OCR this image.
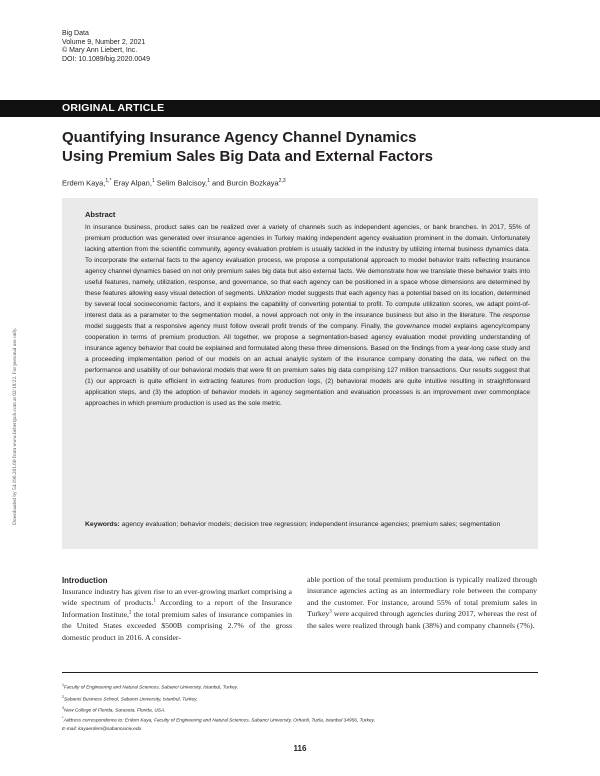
Big Data
Volume 9, Number 2, 2021
© Mary Ann Liebert, Inc.
DOI: 10.1089/big.2020.0049
ORIGINAL ARTICLE
Quantifying Insurance Agency Channel Dynamics
Using Premium Sales Big Data and External Factors
Erdem Kaya,$^{1,*}$ Eray Alpan,$^1$ Selim Balcisoy,$^1$ and Burcin Bozkaya$^{2,3}$
Downloaded by 54.196.201.60 from www.liebertpub.com at 02/18/22. For personal use only.
Abstract
In insurance business, product sales can be realized over a variety of channels such as independent agencies, or bank branches. In 2017, 55% of premium production was generated over insurance agencies in Turkey making independent agency evaluation prominent in the domain. Unfortunately lacking attention from the scientific community, agency evaluation problem is usually tackled in the industry by utilizing internal business dynamics data. To incorporate the external facts to the agency evaluation process, we propose a computational approach to model behavior traits reflecting insurance agency channel dynamics based on not only premium sales big data but also external facts. We demonstrate how we translate these behavior traits into useful features, namely, utilization, response, and governance, so that each agency can be positioned in a space whose dimensions are determined by these features allowing easy visual detection of segments. Utilization model suggests that each agency has a potential based on its location, determined by several local socioeconomic factors, and it explains the capability of converting potential to profit. To compute utilization scores, we adapt point-of-interest data as a parameter to the segmentation model, a novel approach not only in the insurance business but also in the literature. The response model suggests that a responsive agency must follow overall profit trends of the company. Finally, the governance model explains agency/company cooperation in terms of premium production. All together, we propose a segmentation-based agency evaluation model providing understanding of insurance agency behavior that could be explained and formulated along these three dimensions. Based on the findings from a year-long case study and a proceeding implementation period of our models on an actual analytic system of the insurance company donating the data, we reflect on the performance and usability of our behavioral models that were fit on premium sales big data comprising 127 million transactions. Our results suggest that (1) our approach is quite efficient in extracting features from production logs, (2) behavioral models are quite intuitive resulting in straightforward application steps, and (3) the adoption of behavior models in agency segmentation and evaluation processes is an improvement over commonplace approaches in which premium production is used as the sole metric.
Keywords: agency evaluation; behavior models; decision tree regression; independent insurance agencies; premium sales; segmentation
Introduction
Insurance industry has given rise to an ever-growing market comprising a wide spectrum of products.$^1$ According to a report of the Insurance Information Institute,$^2$ the total premium sales of insurance companies in the United States exceeded $500B comprising 2.7% of the gross domestic product in 2016. A consider-
able portion of the total premium production is typically realized through insurance agencies acting as an intermediary role between the company and the customer. For instance, around 55% of total premium sales in Turkey$^3$ were acquired through agencies during 2017, whereas the rest of the sales were realized through bank (38%) and company channels (7%).
$^1$Faculty of Engineering and Natural Sciences, Sabanci University, Istanbul, Turkey.
$^2$Sabanci Business School, Sabanci University, Istanbul, Turkey.
$^3$New College of Florida, Sarasota, Florida, USA.
*Address correspondence to: Erdem Kaya, Faculty of Engineering and Natural Sciences, Sabanci University, Orhanli, Tuzla, Istanbul 34956, Turkey,
E-mail: kayaerdem@sabanciuniv.edu
116
